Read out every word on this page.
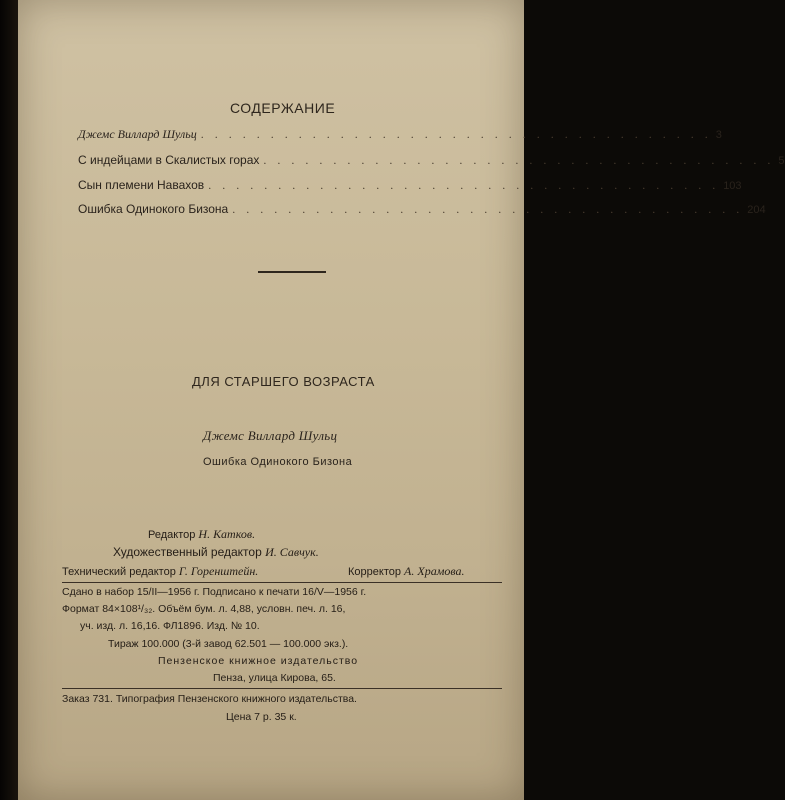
СОДЕРЖАНИЕ
Джемс Виллард Шульц . . . . . . . . . . . . . . . . . . . . . . . . . . . . . . . . . . . . . 3
С индейцами в Скалистых горах . . . . . . . . . . . . . . . . . . . . . . . . . . . . . . . . . . . . . 5
Сын племени Навахов . . . . . . . . . . . . . . . . . . . . . . . . . . . . . . . . . . . . . 103
Ошибка Одинокого Бизона . . . . . . . . . . . . . . . . . . . . . . . . . . . . . . . . . . . . . 204
ДЛЯ СТАРШЕГО ВОЗРАСТА
Джемс Виллард Шульц
Ошибка Одинокого Бизона
Редактор Н. Катков.
Художественный редактор И. Савчук.
Технический редактор Г. Горенштейн.	Корректор А. Храмова.
Сдано в набор 15/II—1956 г. Подписано к печати 16/V—1956 г.
Формат 84×108¹/₃₂. Объём бум. л. 4,88, условн. печ. л. 16,
уч. изд. л. 16,16. ФЛ1896. Изд. № 10.
Тираж 100.000 (3-й завод 62.501 — 100.000 экз.).
Пензенское книжное издательство
Пенза, улица Кирова, 65.
Заказ 731. Типография Пензенского книжного издательства.
Цена 7 р. 35 к.
